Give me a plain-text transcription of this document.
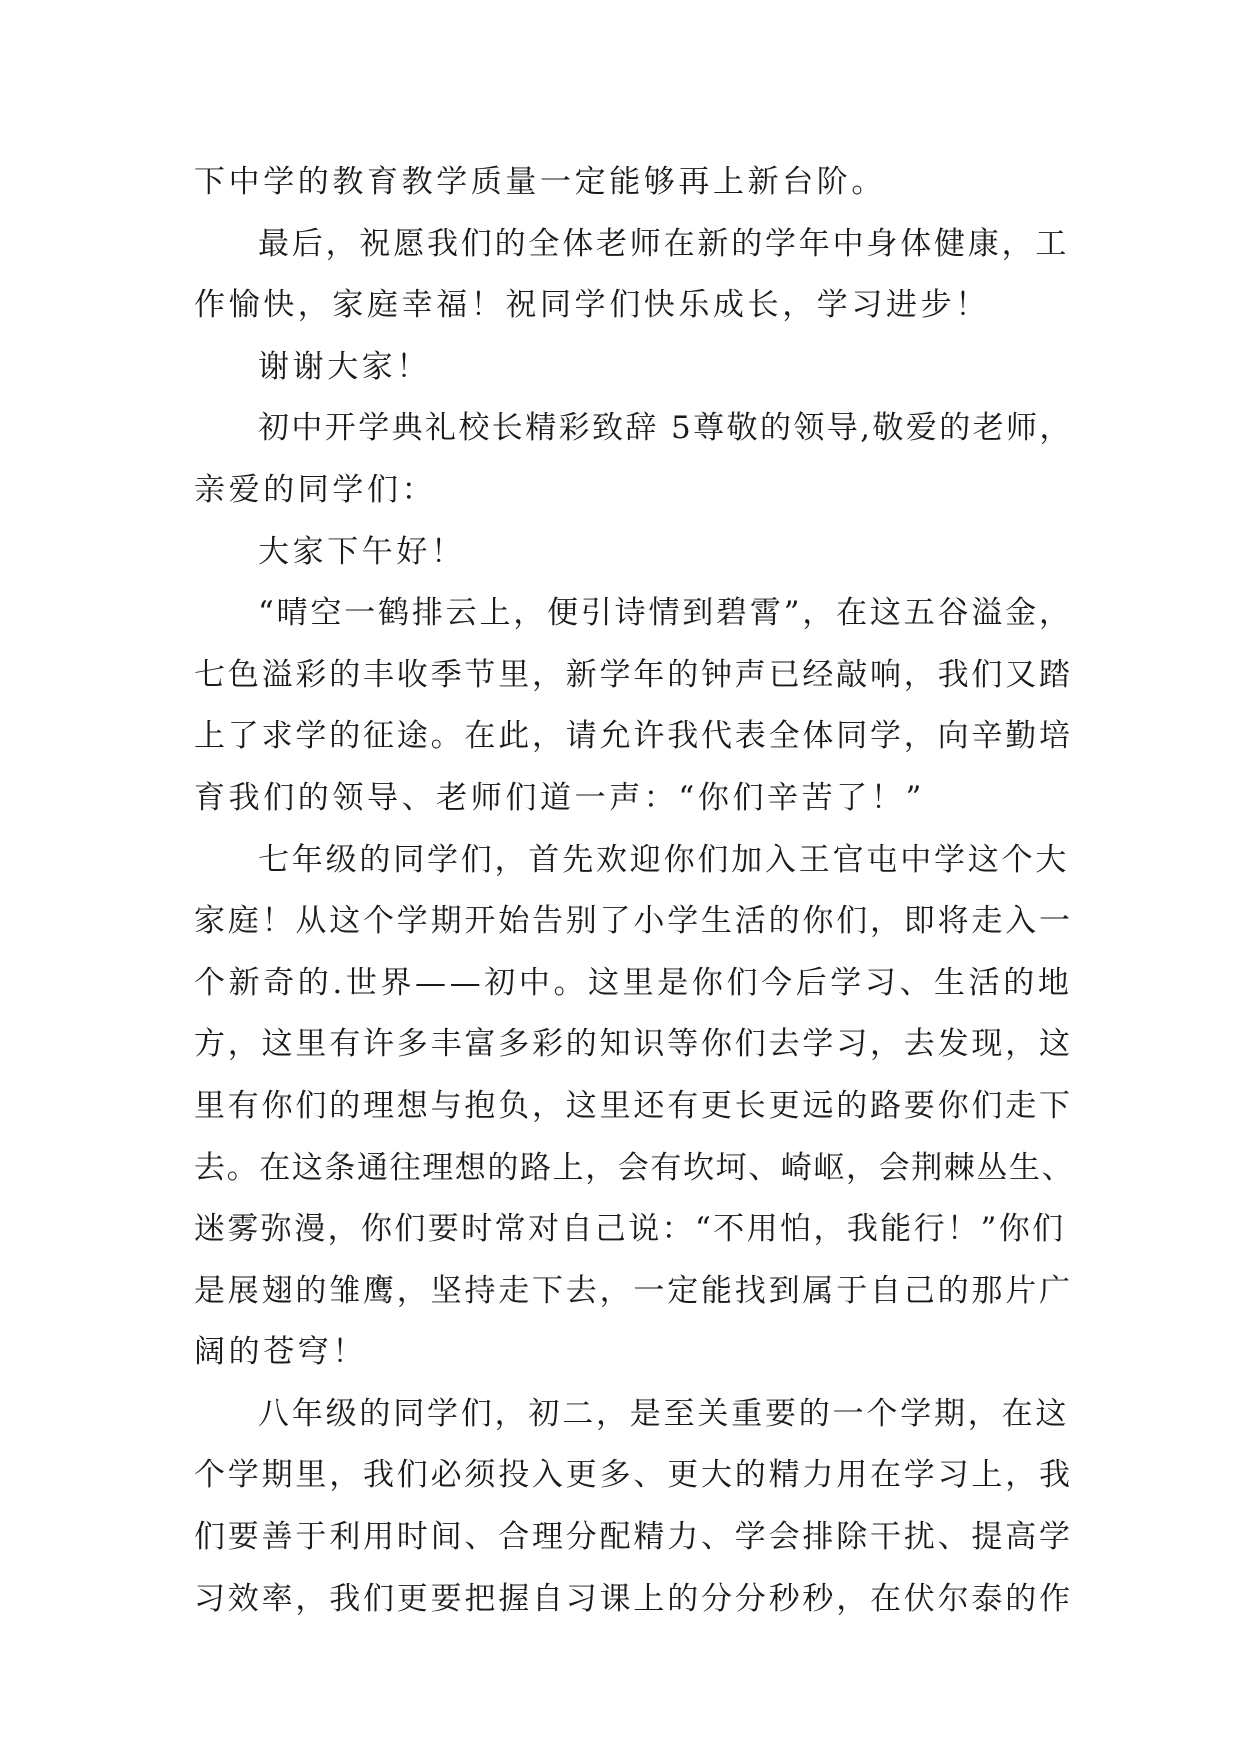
下中学的教育教学质量一定能够再上新台阶。
最后，祝愿我们的全体老师在新的学年中身体健康，工
作愉快，家庭幸福！祝同学们快乐成长，学习进步！
谢谢大家！
初中开学典礼校长精彩致辞 5尊敬的领导,敬爱的老师，
亲爱的同学们：
大家下午好！
“晴空一鹤排云上，便引诗情到碧霄”，在这五谷溢金，
七色溢彩的丰收季节里，新学年的钟声已经敲响，我们又踏
上了求学的征途。在此，请允许我代表全体同学，向辛勤培
育我们的领导、老师们道一声：“你们辛苦了！”
七年级的同学们，首先欢迎你们加入王官屯中学这个大
家庭！从这个学期开始告别了小学生活的你们，即将走入一
个新奇的.世界——初中。这里是你们今后学习、生活的地
方，这里有许多丰富多彩的知识等你们去学习，去发现，这
里有你们的理想与抱负，这里还有更长更远的路要你们走下
去。在这条通往理想的路上，会有坎坷、崎岖，会荆棘丛生、
迷雾弥漫，你们要时常对自己说：“不用怕，我能行！”你们
是展翅的雏鹰，坚持走下去，一定能找到属于自己的那片广
阔的苍穹！
八年级的同学们，初二，是至关重要的一个学期，在这
个学期里，我们必须投入更多、更大的精力用在学习上，我
们要善于利用时间、合理分配精力、学会排除干扰、提高学
习效率，我们更要把握自习课上的分分秒秒，在伏尔泰的作
